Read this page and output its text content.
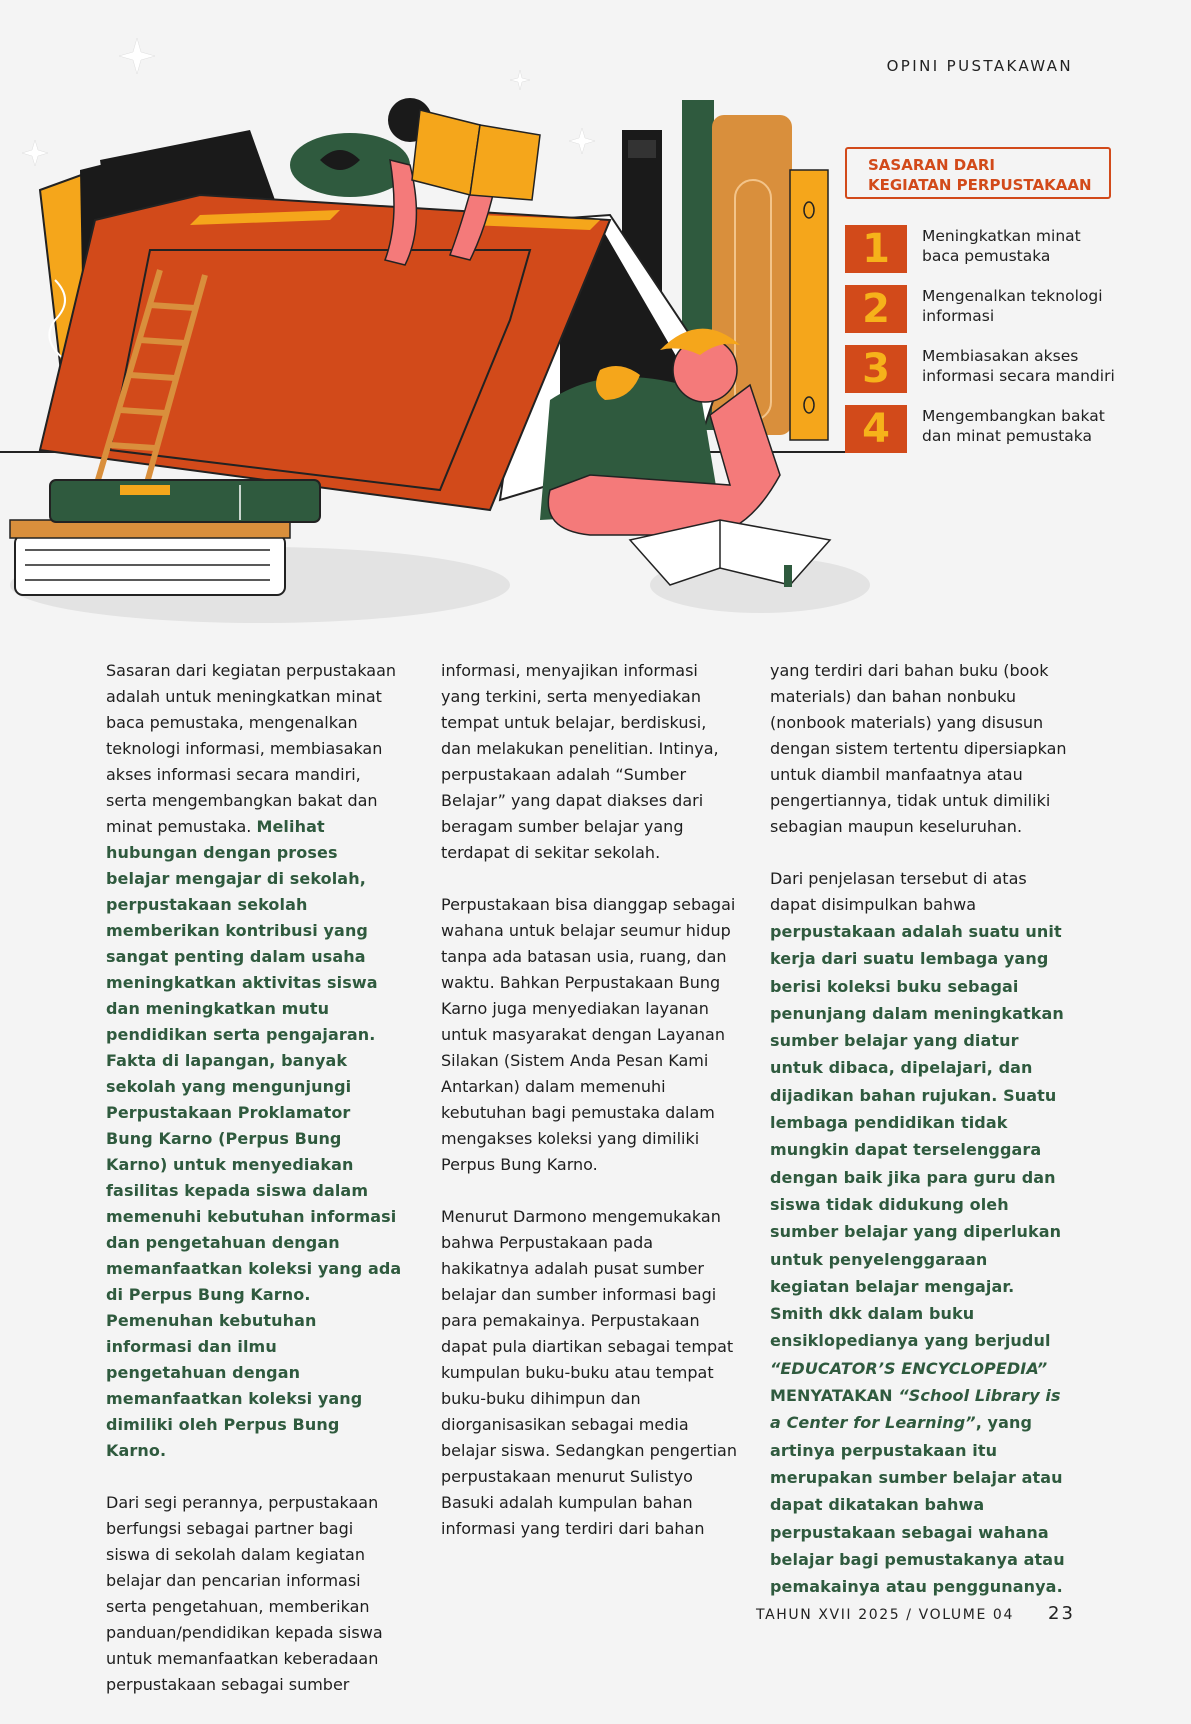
OPINI PUSTAKAWAN
SASARAN DARI
KEGIATAN PERPUSTAKAAN
1	Meningkatkan minat
baca pemustaka
2	Mengenalkan teknologi
informasi
3	Membiasakan akses
informasi secara mandiri
4	Mengembangkan bakat
dan minat pemustaka

Sasaran dari kegiatan perpustakaan adalah untuk meningkatkan minat baca pemustaka, mengenalkan teknologi informasi, membiasakan akses informasi secara mandiri, serta mengembangkan bakat dan minat pemustaka. Melihat hubungan dengan proses belajar mengajar di sekolah, perpustakaan sekolah memberikan kontribusi yang sangat penting dalam usaha meningkatkan aktivitas siswa dan meningkatkan mutu pendidikan serta pengajaran. Fakta di lapangan, banyak sekolah yang mengunjungi Perpustakaan Proklamator Bung Karno (Perpus Bung Karno) untuk menyediakan fasilitas kepada siswa dalam memenuhi kebutuhan informasi dan pengetahuan dengan memanfaatkan koleksi yang ada di Perpus Bung Karno. Pemenuhan kebutuhan informasi dan ilmu pengetahuan dengan memanfaatkan koleksi yang dimiliki oleh Perpus Bung Karno.

Dari segi perannya, perpustakaan berfungsi sebagai partner bagi siswa di sekolah dalam kegiatan belajar dan pencarian informasi serta pengetahuan, memberikan panduan/pendidikan kepada siswa untuk memanfaatkan keberadaan perpustakaan sebagai sumber

informasi, menyajikan informasi yang terkini, serta menyediakan tempat untuk belajar, berdiskusi, dan melakukan penelitian. Intinya, perpustakaan adalah “Sumber Belajar” yang dapat diakses dari beragam sumber belajar yang terdapat di sekitar sekolah.

Perpustakaan bisa dianggap sebagai wahana untuk belajar seumur hidup tanpa ada batasan usia, ruang, dan waktu. Bahkan Perpustakaan Bung Karno juga menyediakan layanan untuk masyarakat dengan Layanan Silakan (Sistem Anda Pesan Kami Antarkan) dalam memenuhi kebutuhan bagi pemustaka dalam mengakses koleksi yang dimiliki Perpus Bung Karno.

Menurut Darmono mengemukakan bahwa Perpustakaan pada hakikatnya adalah pusat sumber belajar dan sumber informasi bagi para pemakainya. Perpustakaan dapat pula diartikan sebagai tempat kumpulan buku-buku atau tempat buku-buku dihimpun dan diorganisasikan sebagai media belajar siswa. Sedangkan pengertian perpustakaan menurut Sulistyo Basuki adalah kumpulan bahan informasi yang terdiri dari bahan

yang terdiri dari bahan buku (book materials) dan bahan nonbuku (nonbook materials) yang disusun dengan sistem tertentu dipersiapkan untuk diambil manfaatnya atau pengertiannya, tidak untuk dimiliki sebagian maupun keseluruhan.

Dari penjelasan tersebut di atas dapat disimpulkan bahwa perpustakaan adalah suatu unit kerja dari suatu lembaga yang berisi koleksi buku sebagai penunjang dalam meningkatkan sumber belajar yang diatur untuk dibaca, dipelajari, dan dijadikan bahan rujukan. Suatu lembaga pendidikan tidak mungkin dapat terselenggara dengan baik jika para guru dan siswa tidak didukung oleh sumber belajar yang diperlukan untuk penyelenggaraan kegiatan belajar mengajar. Smith dkk dalam buku ensiklopedianya yang berjudul “EDUCATOR’S ENCYCLOPEDIA” MENYATAKAN “School Library is a Center for Learning”, yang artinya perpustakaan itu merupakan sumber belajar atau dapat dikatakan bahwa perpustakaan sebagai wahana belajar bagi pemustakanya atau pemakainya atau penggunanya.

TAHUN XVII 2025 / VOLUME 04 23
